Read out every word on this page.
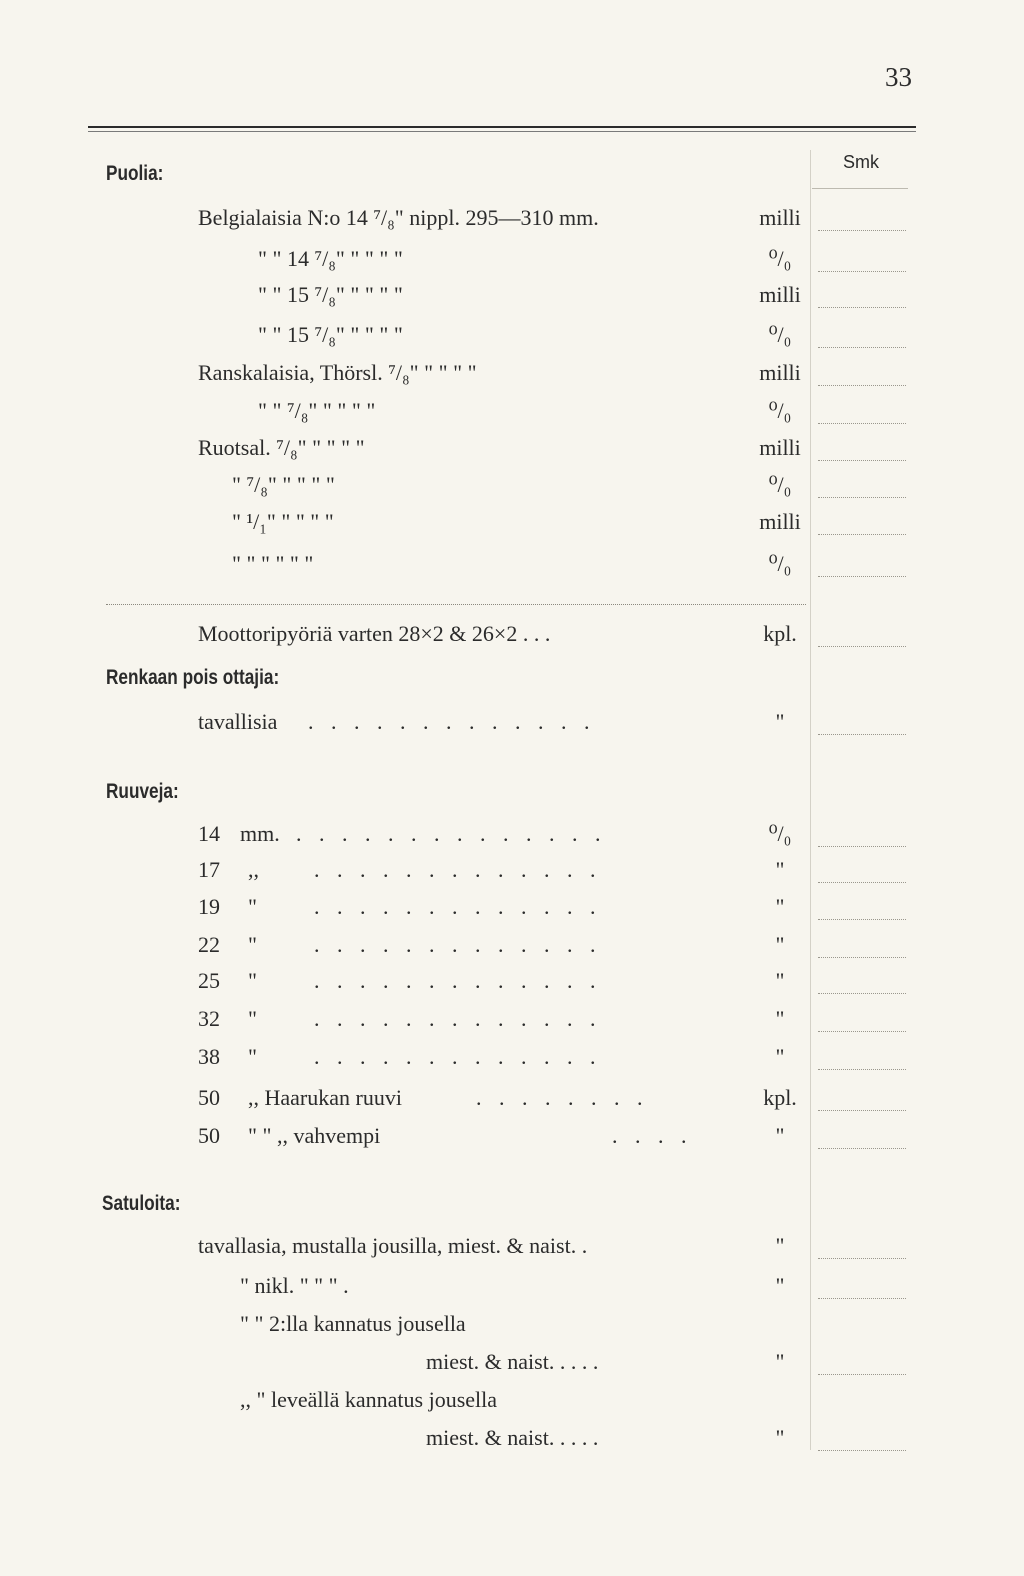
33
Smk
Puolia:
Belgialaisia N:o 14 ⁷/₈" nippl. 295—310 mm.	milli
" " 14 ⁷/₈" " " " "	⁰/₀
" " 15 ⁷/₈" " " " "	milli
" " 15 ⁷/₈" " " " "	⁰/₀
Ranskalaisia, Thörsl. ⁷/₈" " " " "	milli
" " ⁷/₈" " " " "	⁰/₀
Ruotsal. ⁷/₈" " " " "	milli
" ⁷/₈" " " " "	⁰/₀
" ¹/₁" " " " "	milli
" " " " " "	⁰/₀
Moottoripyöriä varten 28×2 & 26×2 . . .	kpl.
Renkaan pois ottajia:
tavallisia . . . . . . . . . . . . .	"
Ruuveja:
14 mm. . . . . . . . . . . . . . .	⁰/₀
17 ,,	. . . . . . . . . . . . .	"
19 "	. . . . . . . . . . . . .	"
22 "	. . . . . . . . . . . . .	"
25 "	. . . . . . . . . . . . .	"
32 "	. . . . . . . . . . . . .	"
38 "	. . . . . . . . . . . . .	"
50 ,, Haarukan ruuvi	. . . . . . . .	kpl.
50 " " ,, vahvempi	. . . .	"
Satuloita:
tavallasia, mustalla jousilla, miest. & naist. .	"
" nikl. " " " .	"
" " 2:lla kannatus jousella
miest. & naist. . . . .	"
,, " leveällä kannatus jousella
miest. & naist. . . . .	"
